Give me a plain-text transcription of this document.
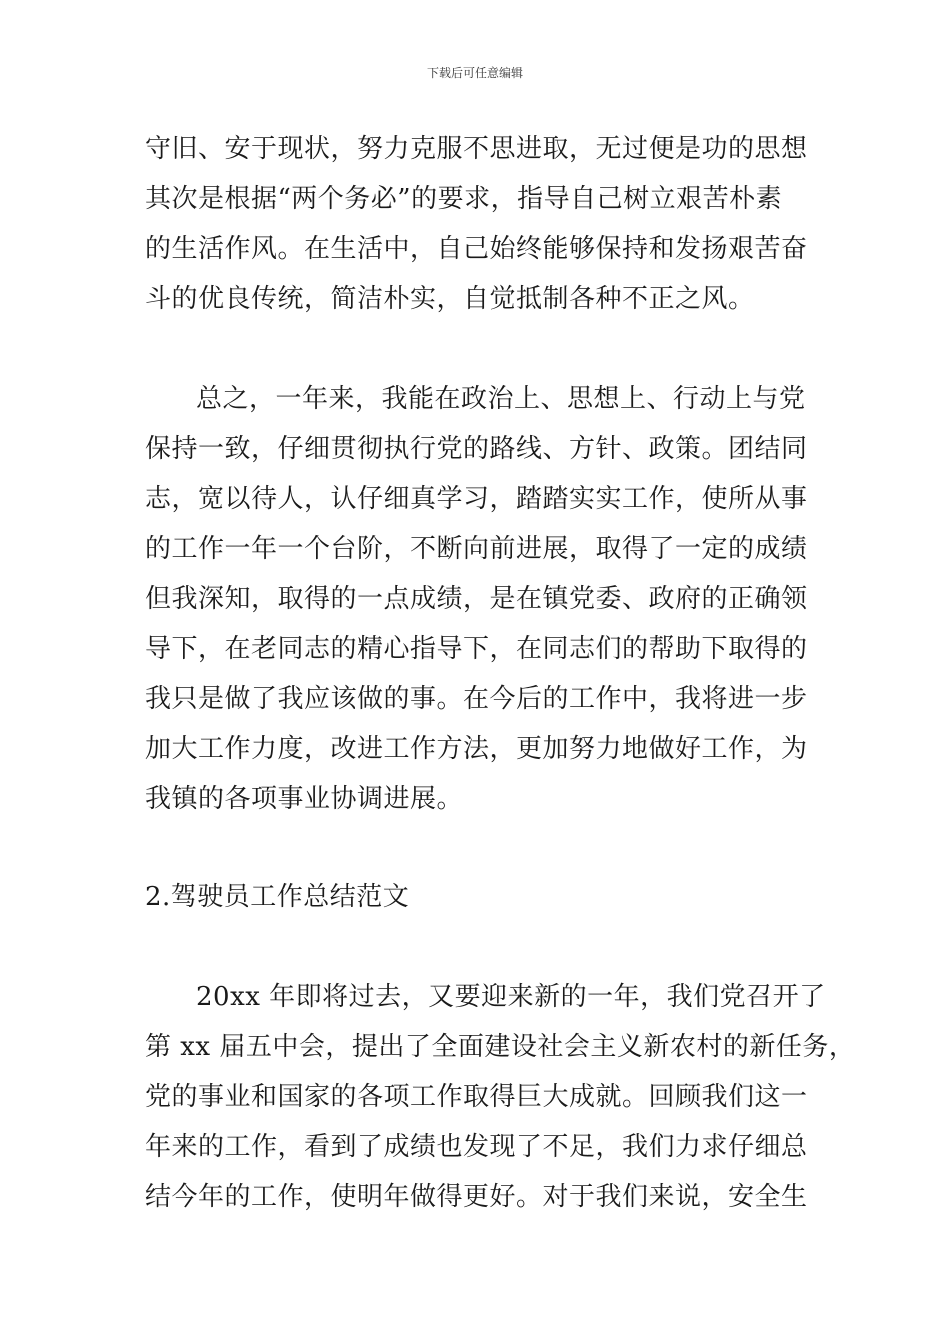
下载后可任意编辑
守旧、安于现状，努力克服不思进取，无过便是功的思想
其次是根据“两个务必”的要求，指导自己树立艰苦朴素
的生活作风。在生活中，自己始终能够保持和发扬艰苦奋
斗的优良传统，简洁朴实，自觉抵制各种不正之风。
总之，一年来，我能在政治上、思想上、行动上与党
保持一致，仔细贯彻执行党的路线、方针、政策。团结同
志，宽以待人，认仔细真学习，踏踏实实工作，使所从事
的工作一年一个台阶，不断向前进展，取得了一定的成绩
但我深知，取得的一点成绩，是在镇党委、政府的正确领
导下，在老同志的精心指导下，在同志们的帮助下取得的
我只是做了我应该做的事。在今后的工作中，我将进一步
加大工作力度，改进工作方法，更加努力地做好工作，为
我镇的各项事业协调进展。
2.驾驶员工作总结范文
20xx 年即将过去，又要迎来新的一年，我们党召开了
第 xx 届五中会，提出了全面建设社会主义新农村的新任务，
党的事业和国家的各项工作取得巨大成就。回顾我们这一
年来的工作，看到了成绩也发现了不足，我们力求仔细总
结今年的工作，使明年做得更好。对于我们来说，安全生
